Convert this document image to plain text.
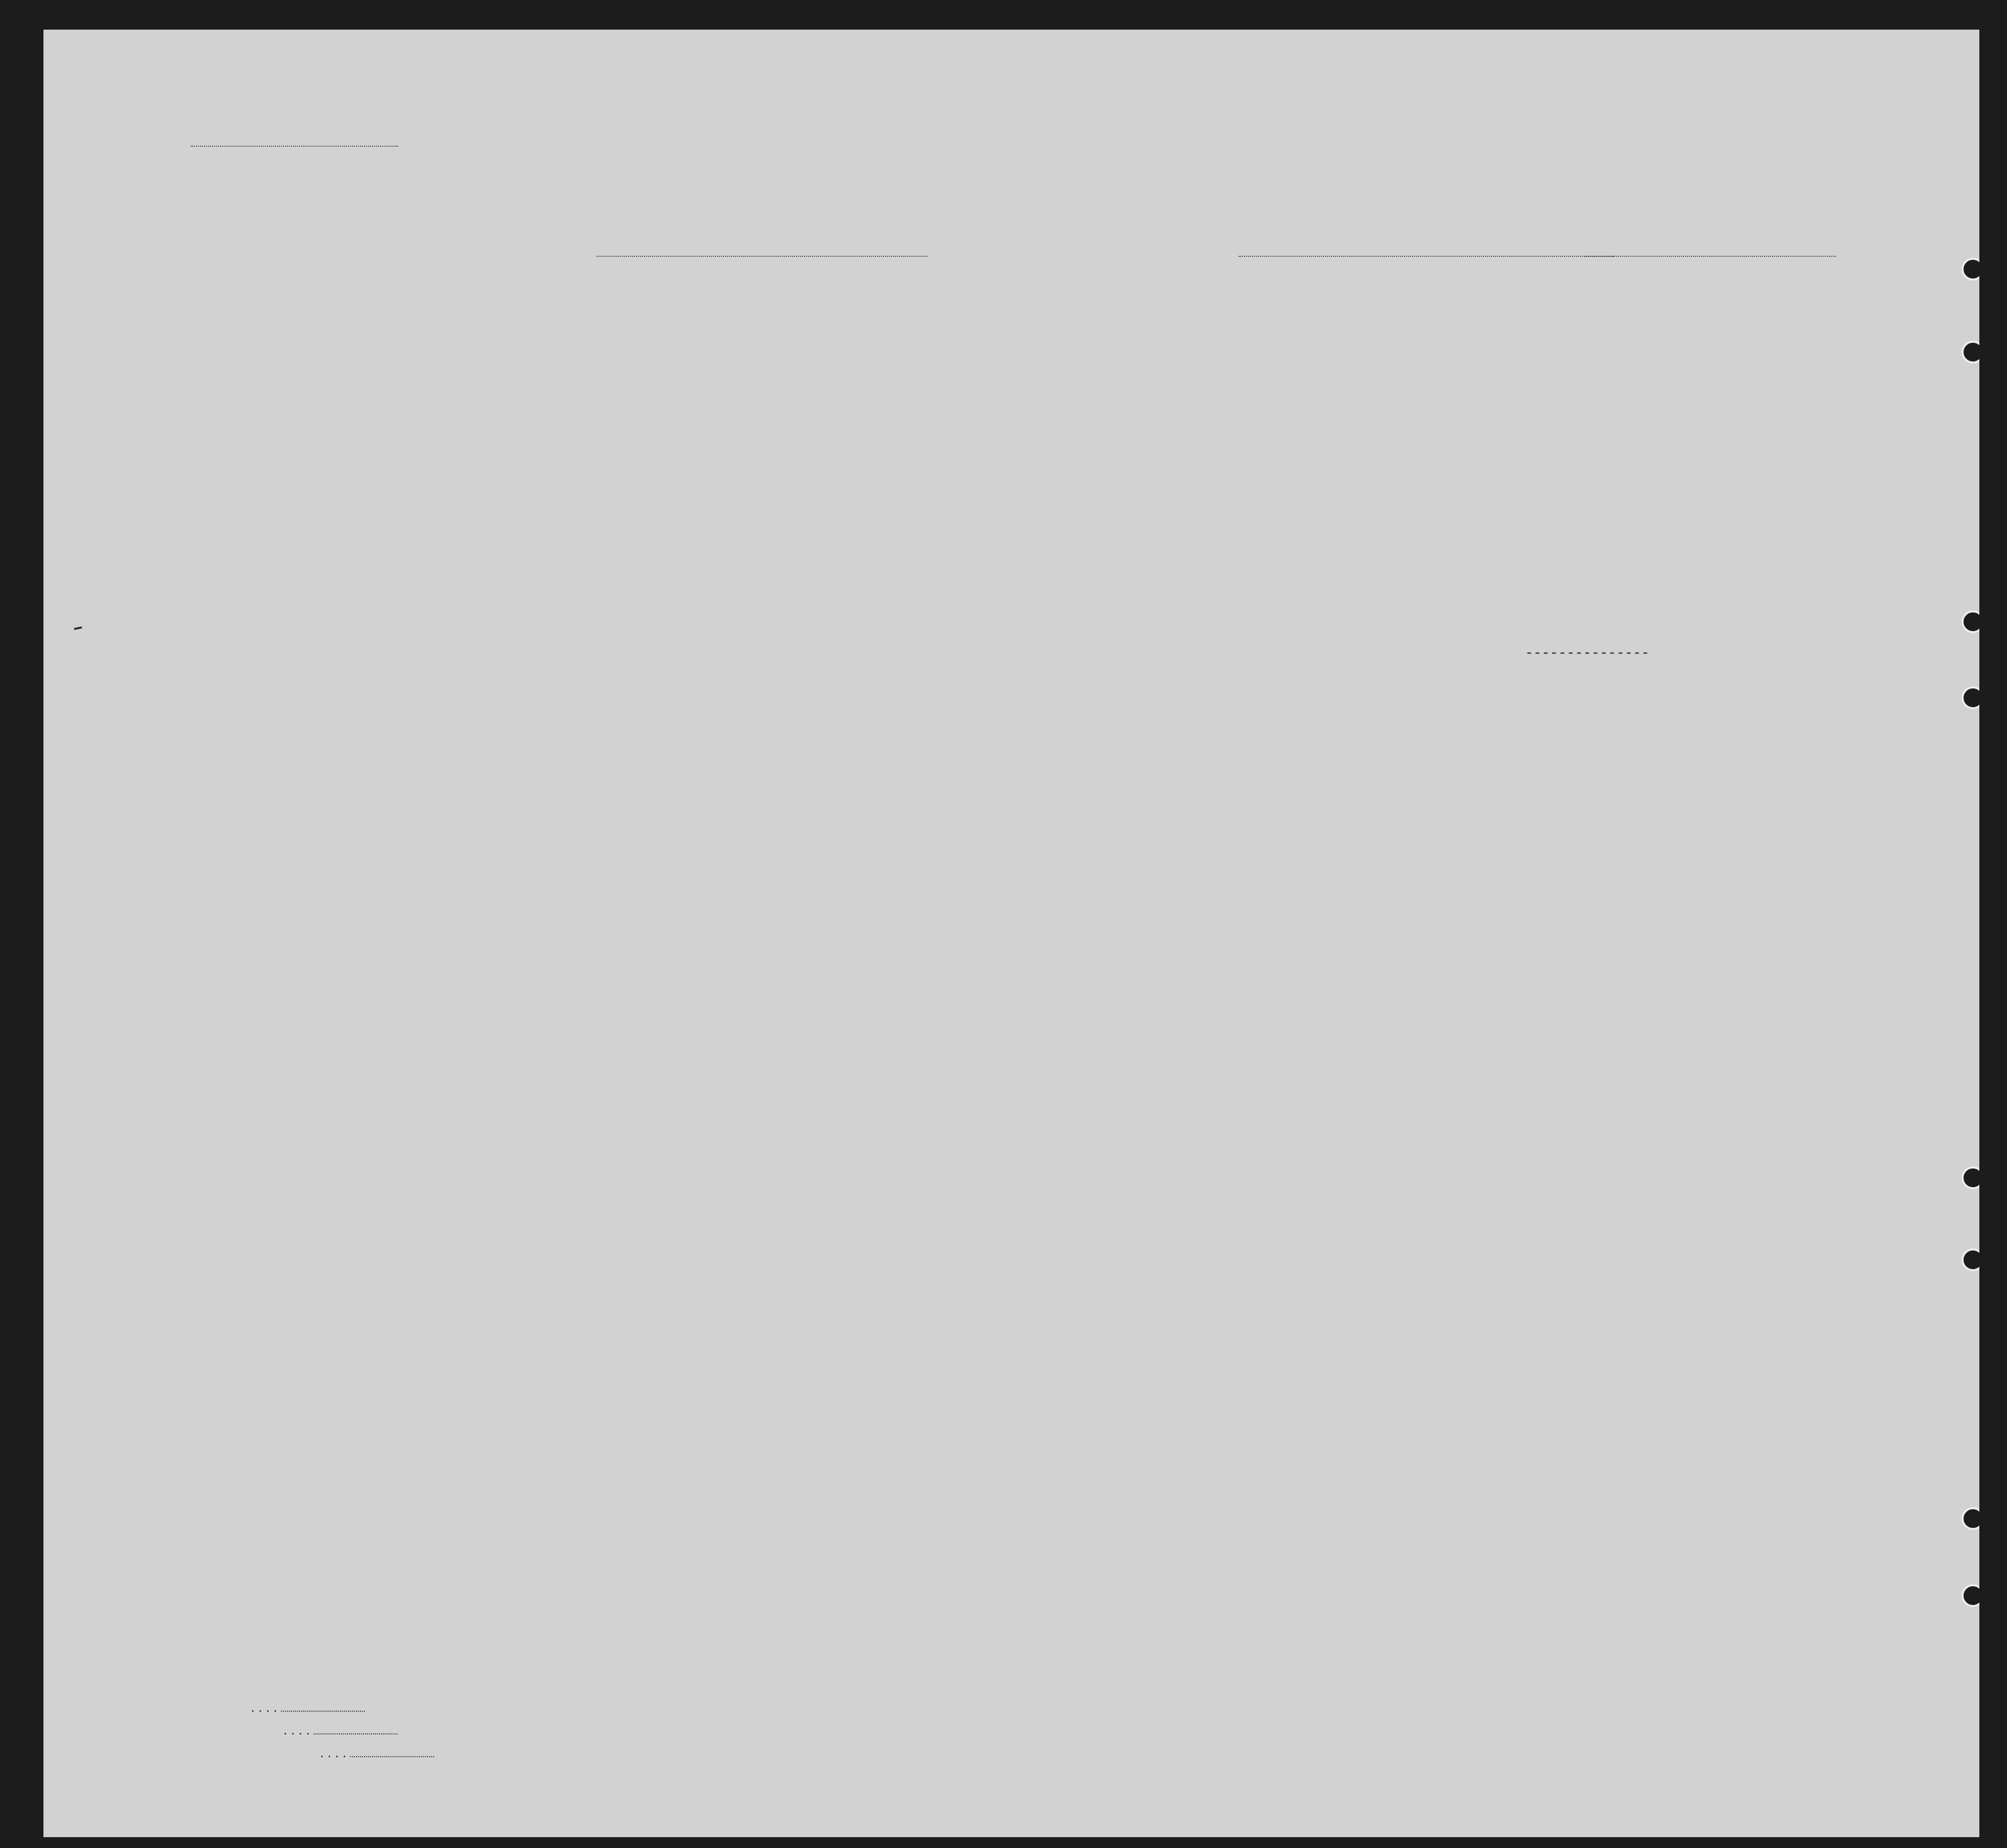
---------------
. . . .
. . . .
. . . .
